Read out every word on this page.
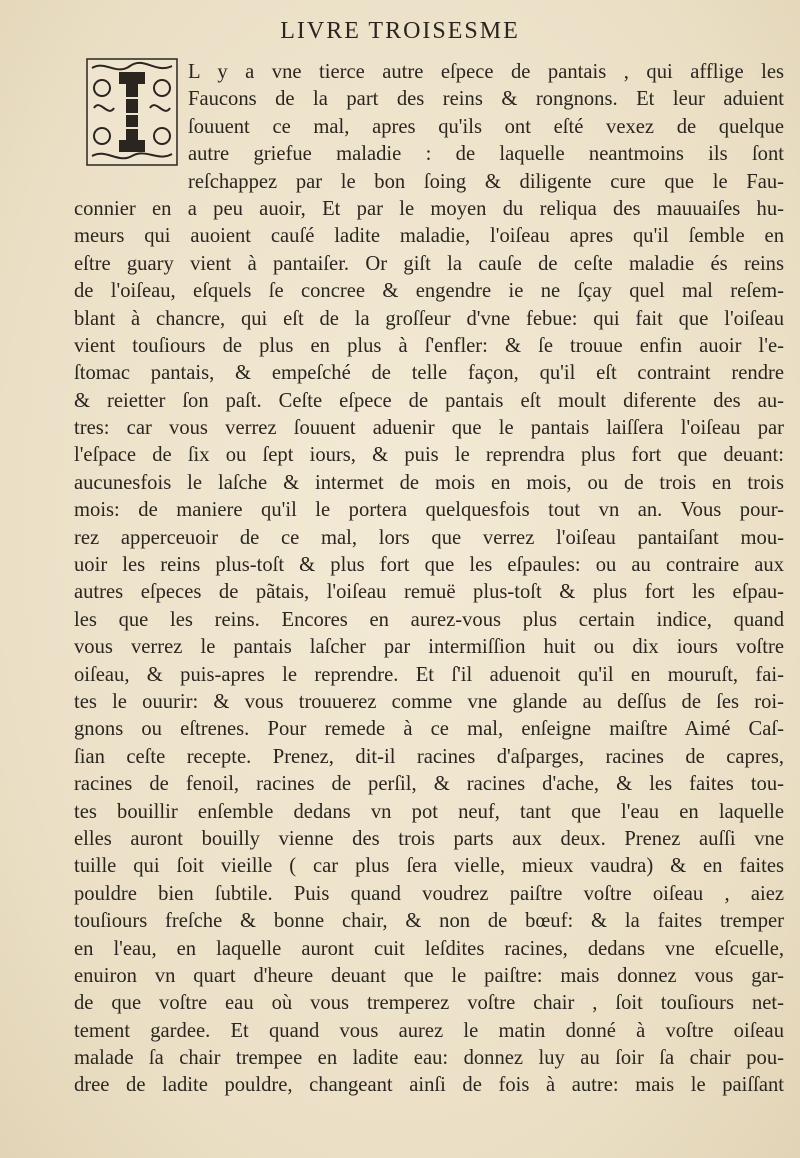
LIVRE TROISESME
L y a vne tierce autre eſpece de pantais , qui afflige les
Faucons de la part des reins & rongnons. Et leur aduient
ſouuent ce mal, apres qu'ils ont eſté vexez de quelque
autre griefue maladie : de laquelle neantmoins ils ſont
reſchappez par le bon ſoing & diligente cure que le Fau-
connier en a peu auoir, Et par le moyen du reliqua des mauuaiſes hu-
meurs qui auoient cauſé ladite maladie, l'oiſeau apres qu'il ſemble en
eſtre guary vient à pantaiſer. Or giſt la cauſe de ceſte maladie és reins
de l'oiſeau, eſquels ſe concree & engendre ie ne ſçay quel mal reſem-
blant à chancre, qui eſt de la groſſeur d'vne febue: qui fait que l'oiſeau
vient touſiours de plus en plus à ſ'enfler: & ſe trouue enfin auoir l'e-
ſtomac pantais, & empeſché de telle façon, qu'il eſt contraint rendre
& reietter ſon paſt. Ceſte eſpece de pantais eſt moult diferente des au-
tres: car vous verrez ſouuent aduenir que le pantais laiſſera l'oiſeau par
l'eſpace de ſix ou ſept iours, & puis le reprendra plus fort que deuant:
aucunesfois le laſche & intermet de mois en mois, ou de trois en trois
mois: de maniere qu'il le portera quelquesfois tout vn an. Vous pour-
rez apperceuoir de ce mal, lors que verrez l'oiſeau pantaiſant mou-
uoir les reins plus-toſt & plus fort que les eſpaules: ou au contraire aux
autres eſpeces de pãtais, l'oiſeau remuë plus-toſt & plus fort les eſpau-
les que les reins. Encores en aurez-vous plus certain indice, quand
vous verrez le pantais laſcher par intermiſſion huit ou dix iours voſtre
oiſeau, & puis-apres le reprendre. Et ſ'il aduenoit qu'il en mouruſt, fai-
tes le ouurir: & vous trouuerez comme vne glande au deſſus de ſes roi-
gnons ou eſtrenes. Pour remede à ce mal, enſeigne maiſtre Aimé Caſ-
ſian ceſte recepte. Prenez, dit-il racines d'aſparges, racines de capres,
racines de fenoil, racines de perſil, & racines d'ache, & les faites tou-
tes bouillir enſemble dedans vn pot neuf, tant que l'eau en laquelle
elles auront bouilly vienne des trois parts aux deux. Prenez auſſi vne
tuille qui ſoit vieille ( car plus ſera vielle, mieux vaudra) & en faites
pouldre bien ſubtile. Puis quand voudrez paiſtre voſtre oiſeau , aiez
touſiours freſche & bonne chair, & non de bœuf: & la faites tremper
en l'eau, en laquelle auront cuit leſdites racines, dedans vne eſcuelle,
enuiron vn quart d'heure deuant que le paiſtre: mais donnez vous gar-
de que voſtre eau où vous tremperez voſtre chair , ſoit touſiours net-
tement gardee. Et quand vous aurez le matin donné à voſtre oiſeau
malade ſa chair trempee en ladite eau: donnez luy au ſoir ſa chair pou-
dree de ladite pouldre, changeant ainſi de fois à autre: mais le paiſſant
